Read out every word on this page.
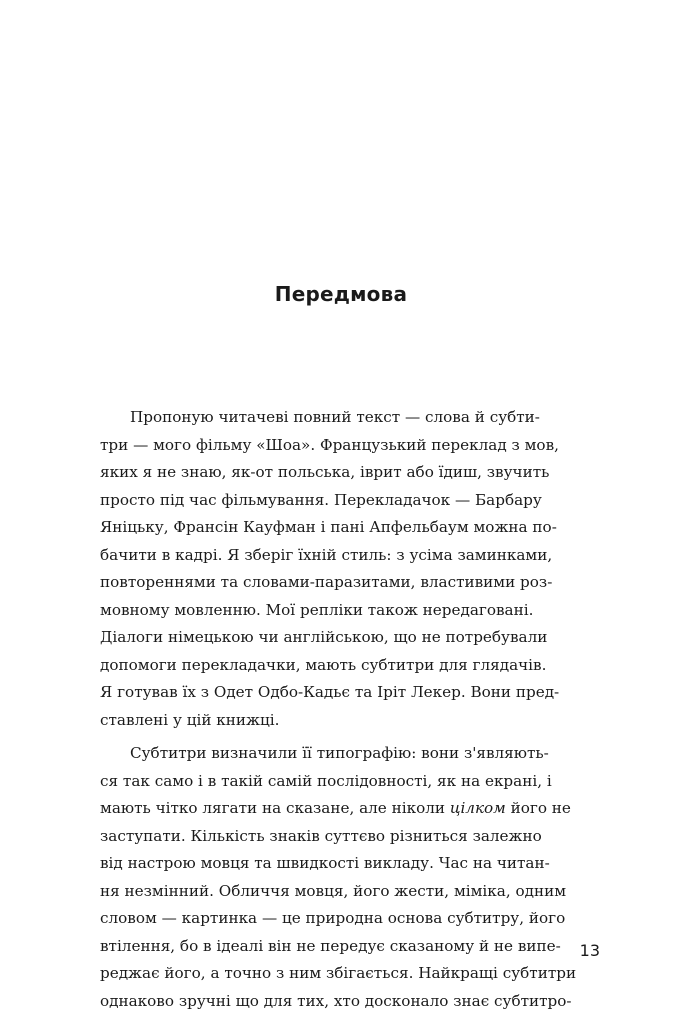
Передмова
Пропоную читачеві повний текст — слова й субти-
три — мого фільму «Шоа». Французький переклад з мов,
яких я не знаю, як-от польська, іврит або їдиш, звучить
просто під час фільмування. Перекладачок — Барбару
Яніцьку, Франсін Кауфман і пані Апфельбаум можна по-
бачити в кадрі. Я зберіг їхній стиль: з усіма заминками,
повтореннями та словами-паразитами, властивими роз-
мовному мовленню. Мої репліки також нередаговані.
Діалоги німецькою чи англійською, що не потребували
допомоги перекладачки, мають субтитри для глядачів.
Я готував їх з Одет Одбо-Кадьє та Іріт Лекер. Вони пред-
ставлені у цій книжці.
Субтитри визначили її типографію: вони з'являють-
ся так само і в такій самій послідовності, як на екрані, і
мають чітко лягати на сказане, але ніколи цілком його не
заступати. Кількість знаків суттєво різниться залежно
від настрою мовця та швидкості викладу. Час на читан-
ня незмінний. Обличчя мовця, його жести, міміка, одним
словом — картинка — це природна основа субтитру, його
втілення, бо в ідеалі він не передує сказаному й не випе-
реджає його, а точно з ним збігається. Найкращі субтитри
однаково зручні що для тих, хто досконало знає субтитро-
13
